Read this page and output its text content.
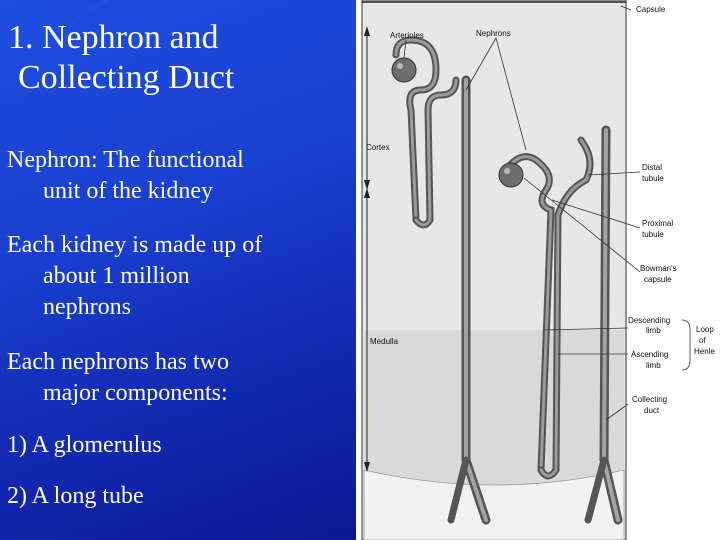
1. Nephron and
Collecting Duct
Nephron: The functional
unit of the kidney
Each kidney is made up of
about 1 million
nephrons
Each nephrons has two
major components:
1) A glomerulus
2) A long tube
Capsule
Arterioles	Nephrons
Cortex
Distal
tubule
Proximal
tubule
Bowman's
capsule
Descending
limb
Ascending
limb
Loop
of
Henle
Medulla
Collecting
duct
